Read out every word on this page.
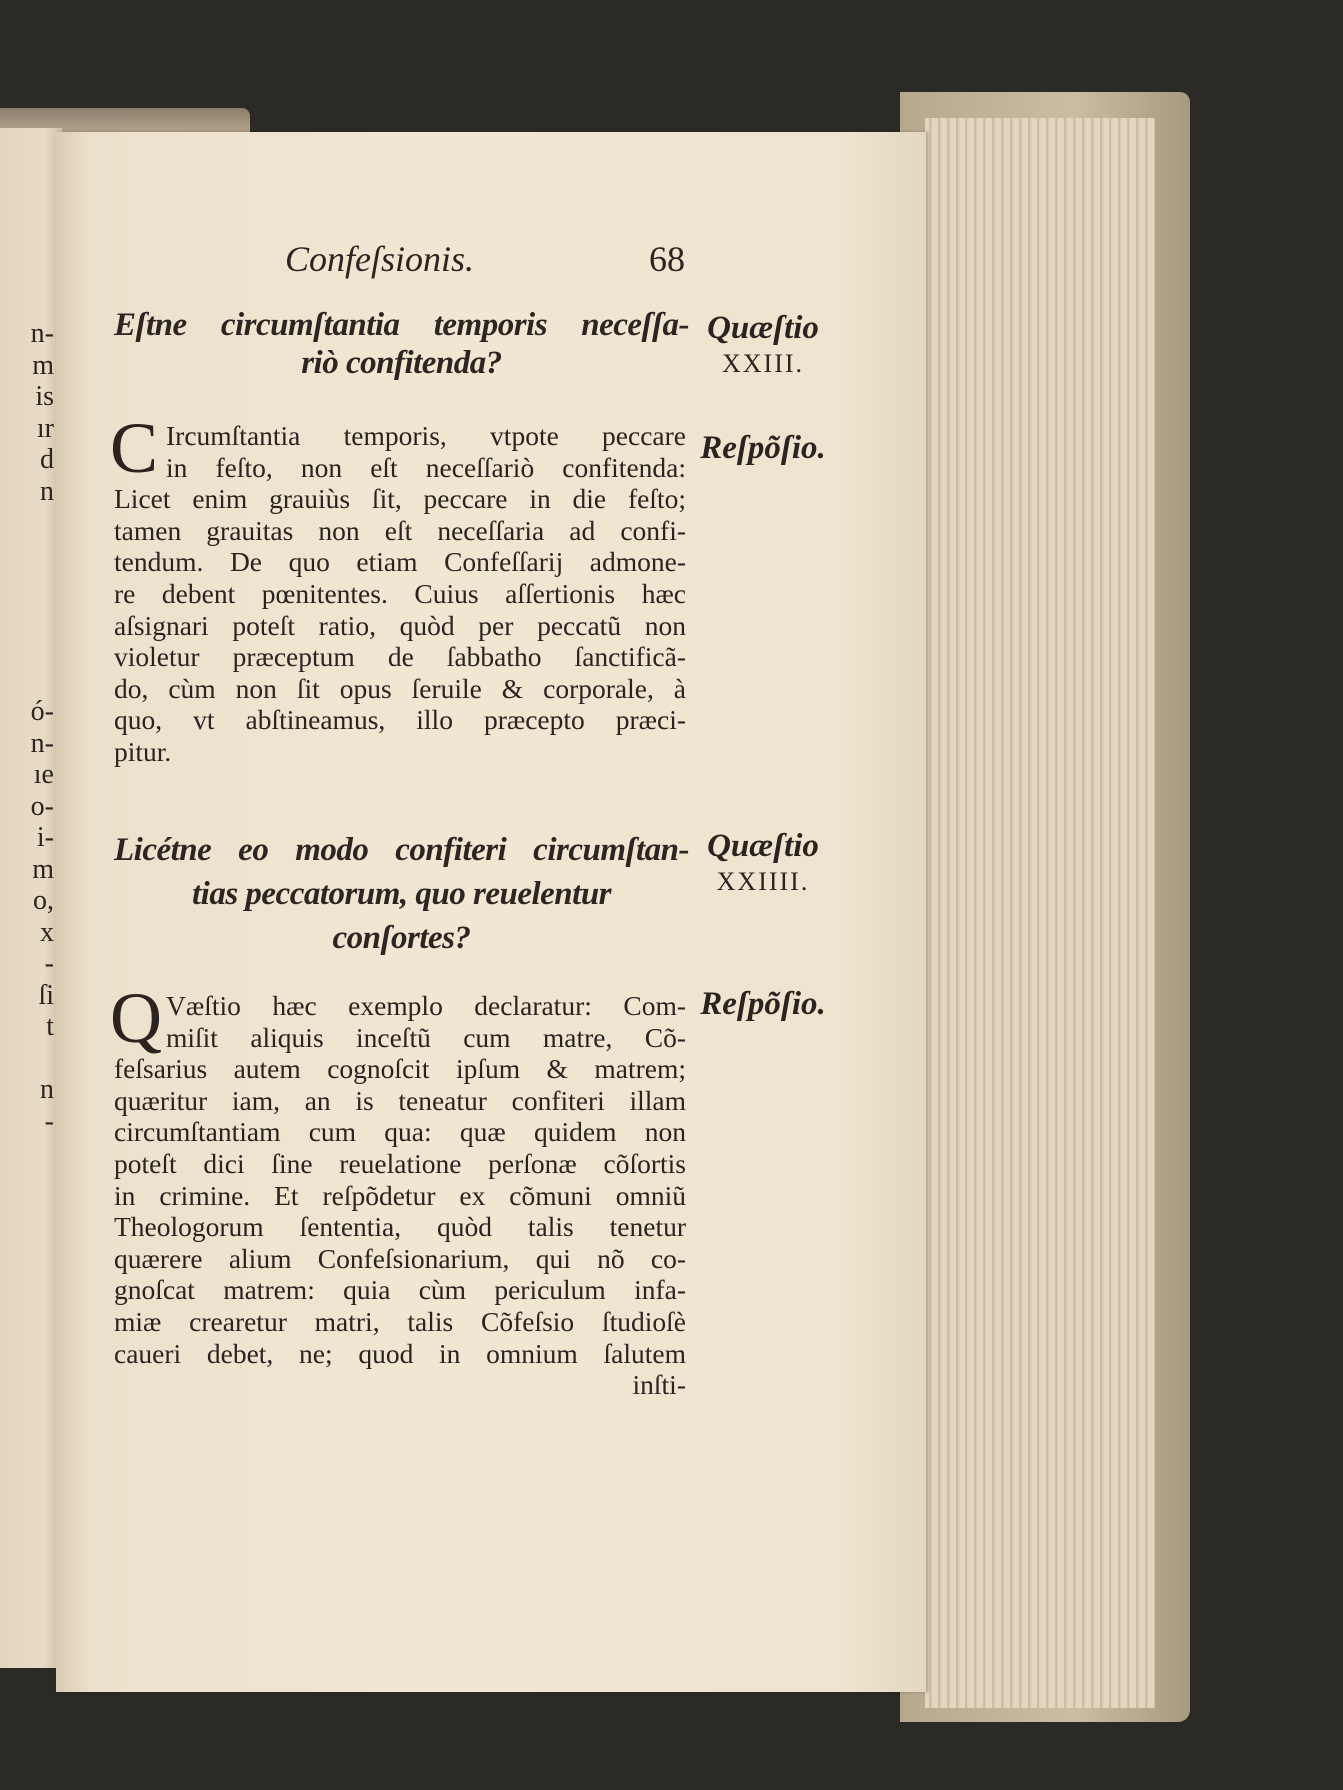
n-
m
is
ır
d
n
ó-
n-
ıe
o-
i-
m
o,
x
-
ſi
t
n
-
Confeſsionis.	68
Eſtne circumſtantia temporis neceſſa-
riò confitenda?
Quæſtio
XXIII.
Reſpõſio.
C Ircumſtantia temporis, vtpote peccare
in feſto, non eſt neceſſariò confitenda:
Licet enim grauiùs ſit, peccare in die feſto;
tamen grauitas non eſt neceſſaria ad confi-
tendum. De quo etiam Confeſſarij admone-
re debent pœnitentes. Cuius aſſertionis hæc
aſsignari poteſt ratio, quòd per peccatũ non
violetur præceptum de ſabbatho ſanctificã-
do, cùm non ſit opus ſeruile & corporale, à
quo, vt abſtineamus, illo præcepto præci-
pitur.
Licétne eo modo confiteri circumſtan-
tias peccatorum, quo reuelentur
conſortes?
Quæſtio
XXIIII.
Reſpõſio.
Q Væſtio hæc exemplo declaratur: Com-
miſit aliquis inceſtũ cum matre, Cõ-
feſsarius autem cognoſcit ipſum & matrem;
quæritur iam, an is teneatur confiteri illam
circumſtantiam cum qua: quæ quidem non
poteſt dici ſine reuelatione perſonæ cõſortis
in crimine. Et reſpõdetur ex cõmuni omniũ
Theologorum ſententia, quòd talis tenetur
quærere alium Confeſsionarium, qui nõ co-
gnoſcat matrem: quia cùm periculum infa-
miæ crearetur matri, talis Cõfeſsio ſtudioſè
caueri debet, ne; quod in omnium ſalutem
inſti-
